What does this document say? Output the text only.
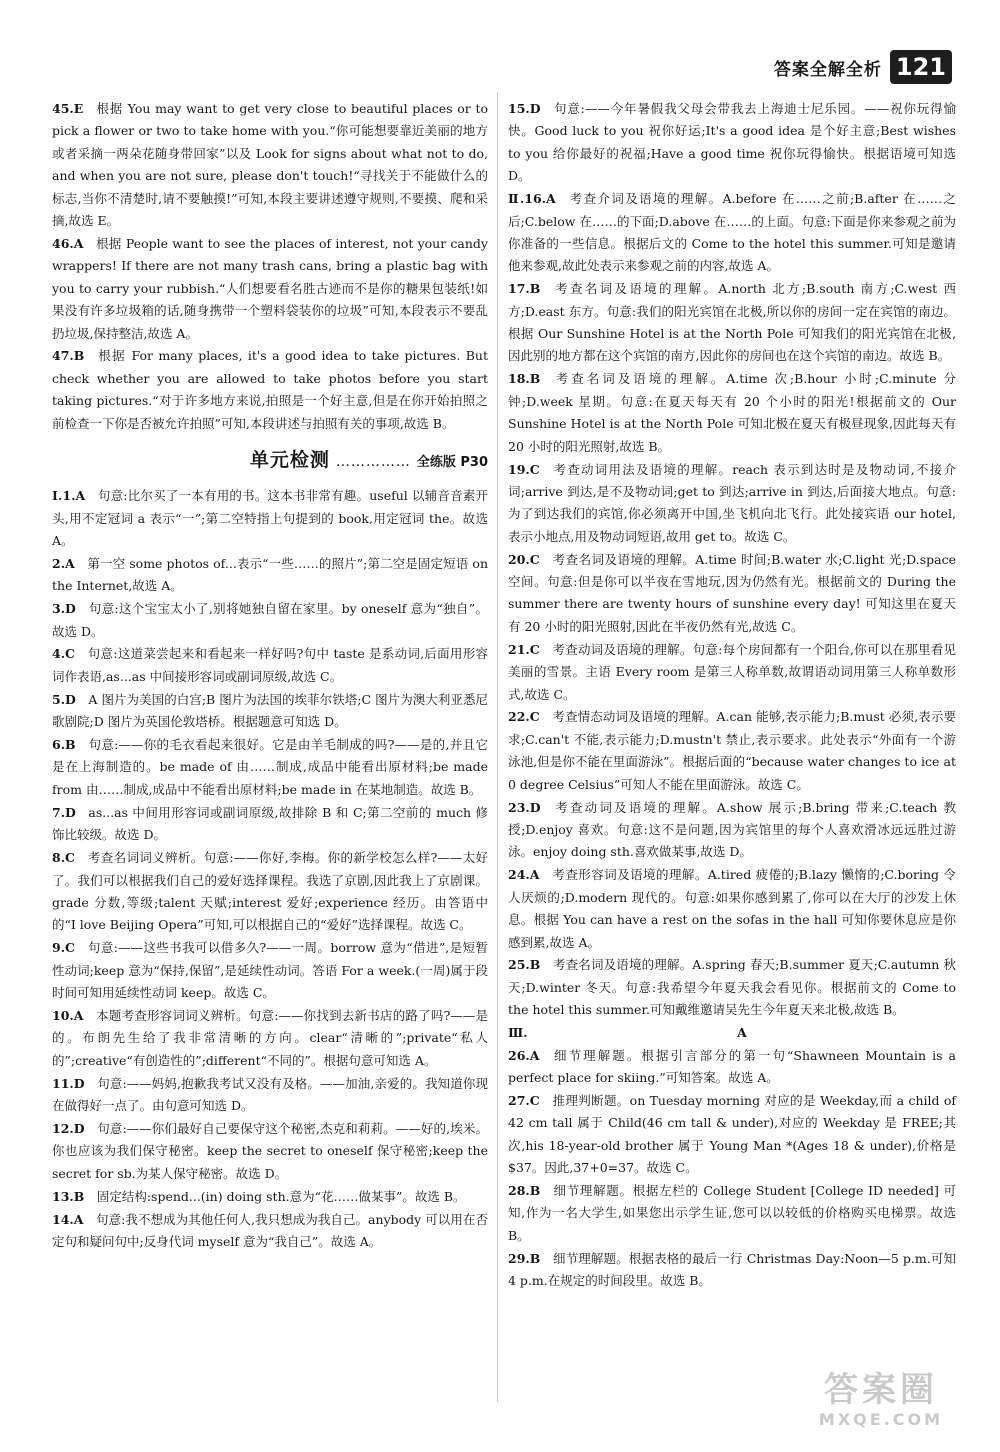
答案全解全析 121
45.E  根据 You may want to get very close to beautiful places or to pick a flower or two to take home with you.“你可能想要靠近美丽的地方或者采摘一两朵花随身带回家”以及 Look for signs about what not to do, and when you are not sure, please don't touch!“寻找关于不能做什么的标志,当你不清楚时,请不要触摸!”可知,本段主要讲述遵守规则,不要摸、爬和采摘,故选 E。
46.A  根据 People want to see the places of interest, not your candy wrappers! If there are not many trash cans, bring a plastic bag with you to carry your rubbish.“人们想要看名胜古迹而不是你的糖果包装纸!如果没有许多垃圾箱的话,随身携带一个塑料袋装你的垃圾”可知,本段表示不要乱扔垃圾,保持整洁,故选 A。
47.B  根据 For many places, it's a good idea to take pictures. But check whether you are allowed to take photos before you start taking pictures.“对于许多地方来说,拍照是一个好主意,但是在你开始拍照之前检查一下你是否被允许拍照”可知,本段讲述与拍照有关的事项,故选 B。
单元检测 …………… 全练版 P30
Ⅰ.1.A  句意:比尔买了一本有用的书。这本书非常有趣。useful 以辅音音素开头,用不定冠词 a 表示“一”;第二空特指上句提到的 book,用定冠词 the。故选 A。
2.A  第一空 some photos of...表示“一些……的照片”;第二空是固定短语 on the Internet,故选 A。
3.D  句意:这个宝宝太小了,别将她独自留在家里。by oneself 意为“独自”。故选 D。
4.C  句意:这道菜尝起来和看起来一样好吗?句中 taste 是系动词,后面用形容词作表语,as...as 中间接形容词或副词原级,故选 C。
5.D  A 图片为美国的白宫;B 图片为法国的埃菲尔铁塔;C 图片为澳大利亚悉尼歌剧院;D 图片为英国伦敦塔桥。根据题意可知选 D。
6.B  句意:——你的毛衣看起来很好。它是由羊毛制成的吗?——是的,并且它是在上海制造的。be made of 由……制成,成品中能看出原材料;be made from 由……制成,成品中不能看出原材料;be made in 在某地制造。故选 B。
7.D  as...as 中间用形容词或副词原级,故排除 B 和 C;第二空前的 much 修饰比较级。故选 D。
8.C  考查名词词义辨析。句意:——你好,李梅。你的新学校怎么样?——太好了。我们可以根据我们自己的爱好选择课程。我选了京剧,因此我上了京剧课。grade 分数,等级;talent 天赋;interest 爱好;experience 经历。由答语中的“I love Beijing Opera”可知,可以根据自己的“爱好”选择课程。故选 C。
9.C  句意:——这些书我可以借多久?——一周。borrow 意为“借进”,是短暂性动词;keep 意为“保持,保留”,是延续性动词。答语 For a week.(一周)属于段时间可知用延续性动词 keep。故选 C。
10.A  本题考查形容词词义辨析。句意:——你找到去新书店的路了吗?——是的。布朗先生给了我非常清晰的方向。clear“清晰的”;private“私人的”;creative“有创造性的”;different“不同的”。根据句意可知选 A。
11.D  句意:——妈妈,抱歉我考试又没有及格。——加油,亲爱的。我知道你现在做得好一点了。由句意可知选 D。
12.D  句意:——你们最好自己要保守这个秘密,杰克和莉莉。——好的,埃米。你也应该为我们保守秘密。keep the secret to oneself 保守秘密;keep the secret for sb.为某人保守秘密。故选 D。
13.B  固定结构:spend...(in) doing sth.意为“花……做某事”。故选 B。
14.A  句意:我不想成为其他任何人,我只想成为我自己。anybody 可以用在否定句和疑问句中;反身代词 myself 意为“我自己”。故选 A。
15.D  句意:——今年暑假我父母会带我去上海迪士尼乐园。——祝你玩得愉快。Good luck to you 祝你好运;It's a good idea 是个好主意;Best wishes to you 给你最好的祝福;Have a good time 祝你玩得愉快。根据语境可知选 D。
Ⅱ.16.A  考查介词及语境的理解。A.before 在……之前;B.after 在……之后;C.below 在……的下面;D.above 在……的上面。句意:下面是你来参观之前为你准备的一些信息。根据后文的 Come to the hotel this summer.可知是邀请他来参观,故此处表示来参观之前的内容,故选 A。
17.B  考查名词及语境的理解。A.north 北方;B.south 南方;C.west 西方;D.east 东方。句意:我们的阳光宾馆在北极,所以你的房间一定在宾馆的南边。根据 Our Sunshine Hotel is at the North Pole 可知我们的阳光宾馆在北极,因此别的地方都在这个宾馆的南方,因此你的房间也在这个宾馆的南边。故选 B。
18.B  考查名词及语境的理解。A.time 次;B.hour 小时;C.minute 分钟;D.week 星期。句意:在夏天每天有 20 个小时的阳光!根据前文的 Our Sunshine Hotel is at the North Pole 可知北极在夏天有极昼现象,因此每天有 20 小时的阳光照射,故选 B。
19.C  考查动词用法及语境的理解。reach 表示到达时是及物动词,不接介词;arrive 到达,是不及物动词;get to 到达;arrive in 到达,后面接大地点。句意:为了到达我们的宾馆,你必须离开中国,坐飞机向北飞行。此处接宾语 our hotel,表示小地点,用及物动词短语,故用 get to。故选 C。
20.C  考查名词及语境的理解。A.time 时间;B.water 水;C.light 光;D.space 空间。句意:但是你可以半夜在雪地玩,因为仍然有光。根据前文的 During the summer there are twenty hours of sunshine every day! 可知这里在夏天有 20 小时的阳光照射,因此在半夜仍然有光,故选 C。
21.C  考查动词及语境的理解。句意:每个房间都有一个阳台,你可以在那里看见美丽的雪景。主语 Every room 是第三人称单数,故谓语动词用第三人称单数形式,故选 C。
22.C  考查情态动词及语境的理解。A.can 能够,表示能力;B.must 必须,表示要求;C.can't 不能,表示能力;D.mustn't 禁止,表示要求。此处表示“外面有一个游泳池,但是你不能在里面游泳”。根据后面的“because water changes to ice at 0 degree Celsius”可知人不能在里面游泳。故选 C。
23.D  考查动词及语境的理解。A.show 展示;B.bring 带来;C.teach 教授;D.enjoy 喜欢。句意:这不是问题,因为宾馆里的每个人喜欢滑冰远远胜过游泳。enjoy doing sth.喜欢做某事,故选 D。
24.A  考查形容词及语境的理解。A.tired 疲倦的;B.lazy 懒惰的;C.boring 令人厌烦的;D.modern 现代的。句意:如果你感到累了,你可以在大厅的沙发上休息。根据 You can have a rest on the sofas in the hall 可知你要休息应是你感到累,故选 A。
25.B  考查名词及语境的理解。A.spring 春天;B.summer 夏天;C.autumn 秋天;D.winter 冬天。句意:我希望今年夏天我会看见你。根据前文的 Come to the hotel this summer.可知戴维邀请吴先生今年夏天来北极,故选 B。
Ⅲ.	A
26.A  细节理解题。根据引言部分的第一句“Shawneen Mountain is a perfect place for skiing.”可知答案。故选 A。
27.C  推理判断题。on Tuesday morning 对应的是 Weekday,而 a child of 42 cm tall 属于 Child(46 cm tall & under),对应的 Weekday 是 FREE;其次,his 18-year-old brother 属于 Young Man *(Ages 18 & under),价格是 $37。因此,37+0=37。故选 C。
28.B  细节理解题。根据左栏的 College Student [College ID needed] 可知,作为一名大学生,如果您出示学生证,您可以以较低的价格购买电梯票。故选 B。
29.B  细节理解题。根据表格的最后一行 Christmas Day:Noon—5 p.m.可知 4 p.m.在规定的时间段里。故选 B。
答案圈
MXQE.COM
